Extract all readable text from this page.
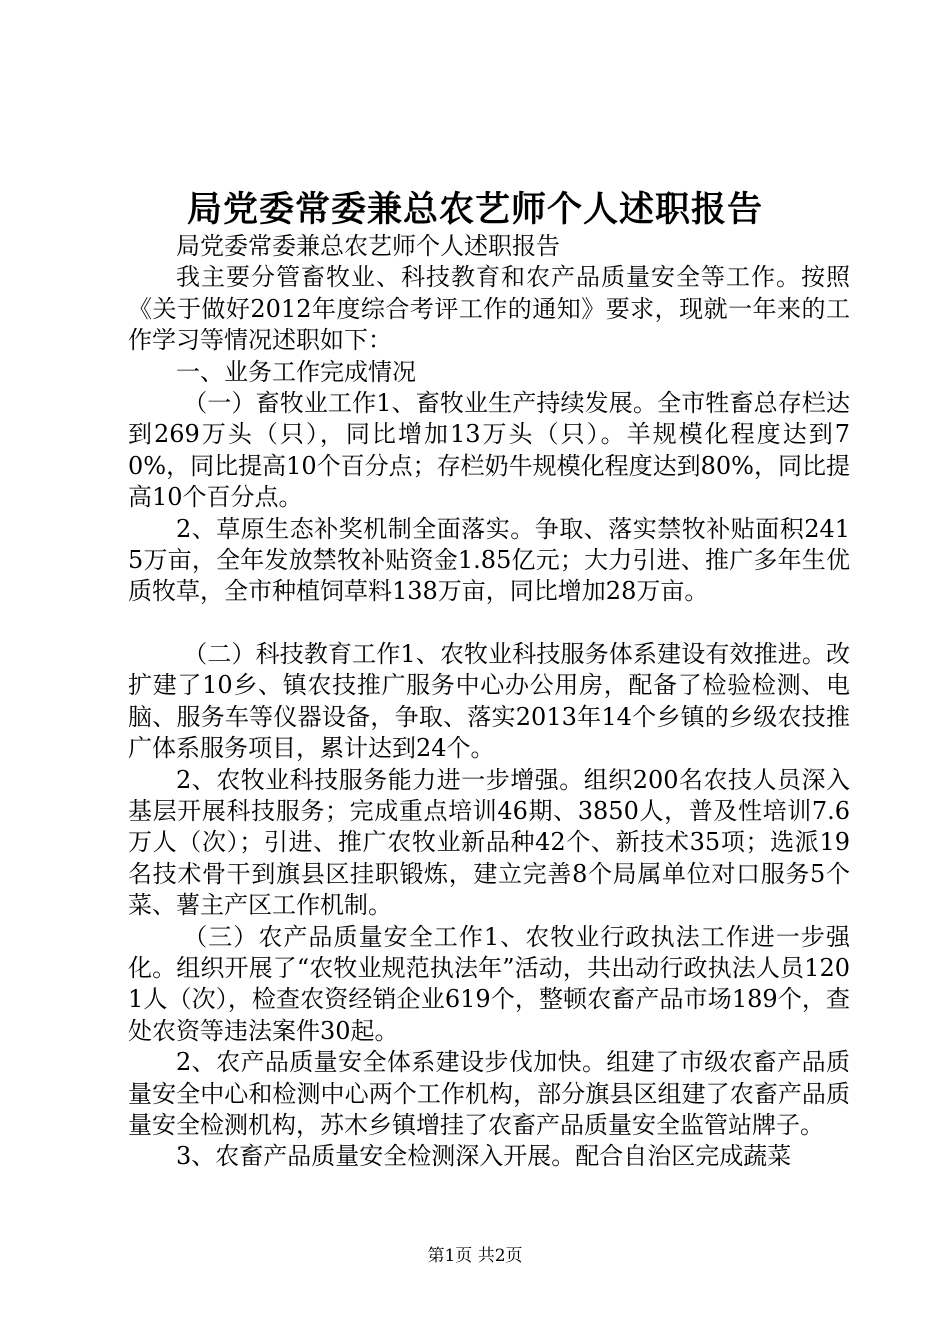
局党委常委兼总农艺师个人述职报告

局党委常委兼总农艺师个人述职报告

我主要分管畜牧业、科技教育和农产品质量安全等工作。按照《关于做好2012年度综合考评工作的通知》要求，现就一年来的工作学习等情况述职如下：

一、业务工作完成情况

（一）畜牧业工作1、畜牧业生产持续发展。全市牲畜总存栏达到269万头（只），同比增加13万头（只）。羊规模化程度达到70%，同比提高10个百分点；存栏奶牛规模化程度达到80%，同比提高10个百分点。

2、草原生态补奖机制全面落实。争取、落实禁牧补贴面积2415万亩，全年发放禁牧补贴资金1.85亿元；大力引进、推广多年生优质牧草，全市种植饲草料138万亩，同比增加28万亩。

（二）科技教育工作1、农牧业科技服务体系建设有效推进。改扩建了10乡、镇农技推广服务中心办公用房，配备了检验检测、电脑、服务车等仪器设备，争取、落实2013年14个乡镇的乡级农技推广体系服务项目，累计达到24个。

2、农牧业科技服务能力进一步增强。组织200名农技人员深入基层开展科技服务；完成重点培训46期、3850人，普及性培训7.6万人（次）；引进、推广农牧业新品种42个、新技术35项；选派19名技术骨干到旗县区挂职锻炼，建立完善8个局属单位对口服务5个菜、薯主产区工作机制。

（三）农产品质量安全工作1、农牧业行政执法工作进一步强化。组织开展了“农牧业规范执法年”活动，共出动行政执法人员1201人（次），检查农资经销企业619个，整顿农畜产品市场189个，查处农资等违法案件30起。

2、农产品质量安全体系建设步伐加快。组建了市级农畜产品质量安全中心和检测中心两个工作机构，部分旗县区组建了农畜产品质量安全检测机构，苏木乡镇增挂了农畜产品质量安全监管站牌子。

3、农畜产品质量安全检测深入开展。配合自治区完成蔬菜

第1页 共2页
